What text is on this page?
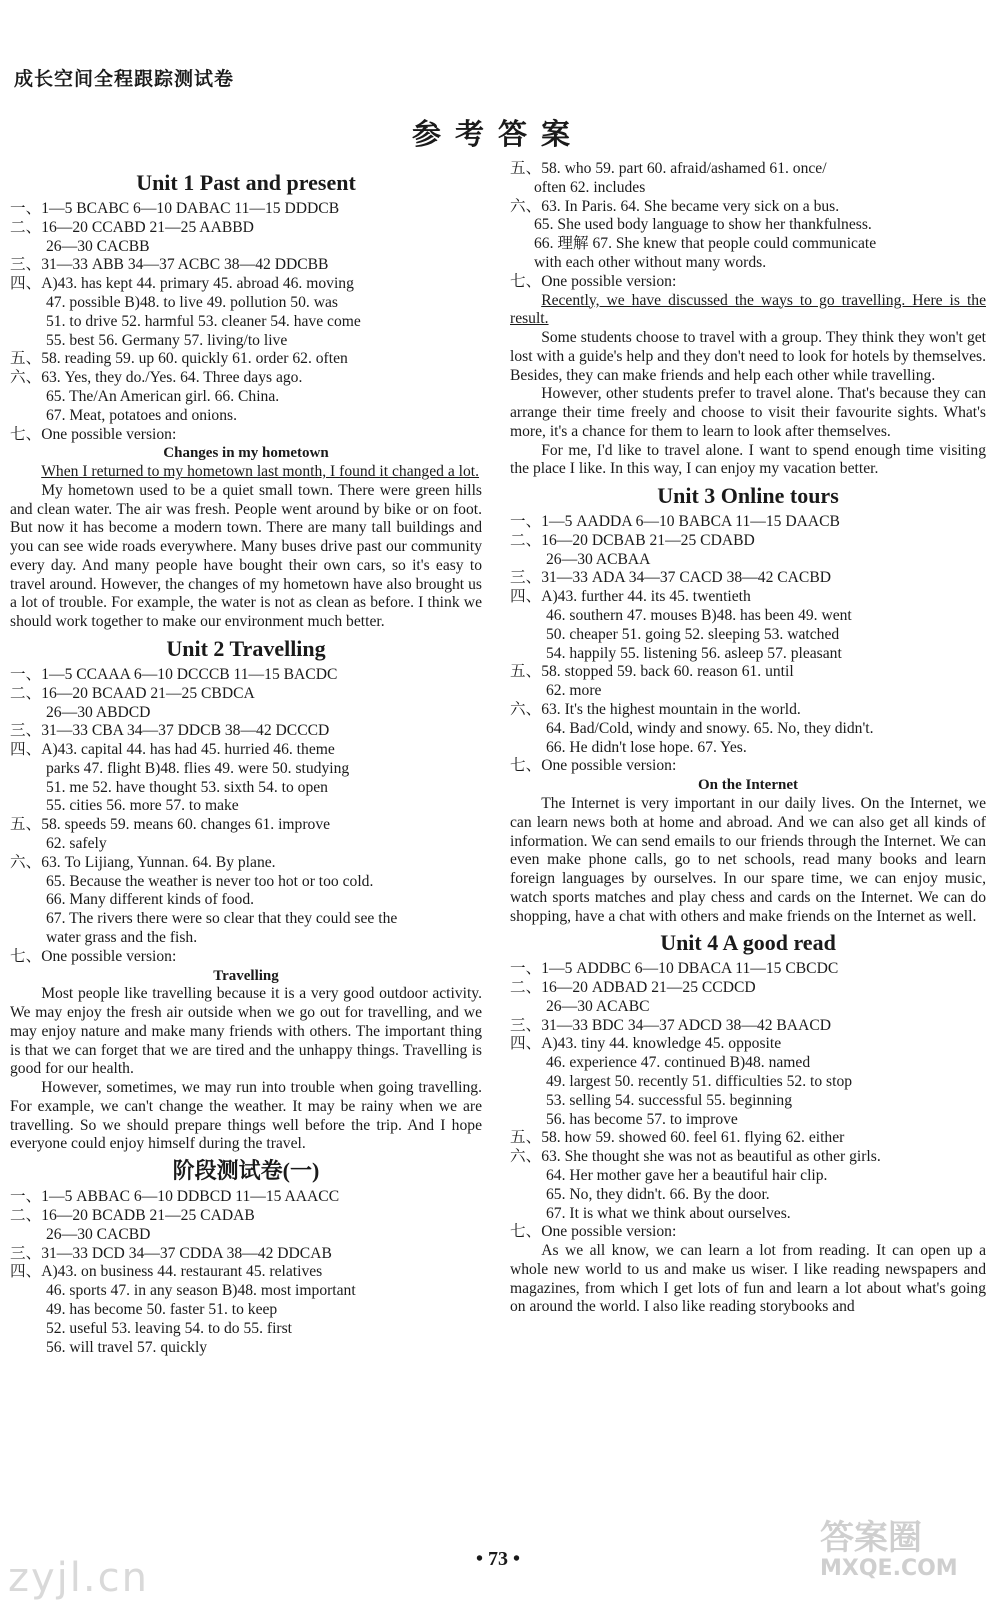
成长空间全程跟踪测试卷
参考答案
Unit 1 Past and present
一、1—5 BCABC 6—10 DABAC 11—15 DDDCB
二、16—20 CCABD 21—25 AABBD
26—30 CACBB
三、31—33 ABB 34—37 ACBC 38—42 DDCBB
四、A)43. has kept 44. primary 45. abroad 46. moving
47. possible B)48. to live 49. pollution 50. was
51. to drive 52. harmful 53. cleaner 54. have come
55. best 56. Germany 57. living/to live
五、58. reading 59. up 60. quickly 61. order 62. often
六、63. Yes, they do./Yes. 64. Three days ago.
65. The/An American girl. 66. China.
67. Meat, potatoes and onions.
七、One possible version:
Changes in my hometown

When I returned to my hometown last month, I found it changed a lot.

My hometown used to be a quiet small town. There were green hills and clean water. The air was fresh. People went around by bike or on foot. But now it has become a modern town. There are many tall buildings and you can see wide roads everywhere. Many buses drive past our community every day. And many people have bought their own cars, so it's easy to travel around. However, the changes of my hometown have also brought us a lot of trouble. For example, the water is not as clean as before. I think we should work together to make our environment much better.

Unit 2 Travelling
一、1—5 CCAAA 6—10 DCCCB 11—15 BACDC
二、16—20 BCAAD 21—25 CBDCA
26—30 ABDCD
三、31—33 CBA 34—37 DDCB 38—42 DCCCD
四、A)43. capital 44. has had 45. hurried 46. theme
parks 47. flight B)48. flies 49. were 50. studying
51. me 52. have thought 53. sixth 54. to open
55. cities 56. more 57. to make
五、58. speeds 59. means 60. changes 61. improve
62. safely
六、63. To Lijiang, Yunnan. 64. By plane.
65. Because the weather is never too hot or too cold.
66. Many different kinds of food.
67. The rivers there were so clear that they could see the
water grass and the fish.
七、One possible version:
Travelling

Most people like travelling because it is a very good outdoor activity. We may enjoy the fresh air outside when we go out for travelling, and we may enjoy nature and make many friends with others. The important thing is that we can forget that we are tired and the unhappy things. Travelling is good for our health.

However, sometimes, we may run into trouble when going travelling. For example, we can't change the weather. It may be rainy when we are travelling. So we should prepare things well before the trip. And I hope everyone could enjoy himself during the travel.

阶段测试卷(一)
一、1—5 ABBAC 6—10 DDBCD 11—15 AAACC
二、16—20 BCADB 21—25 CADAB
26—30 CACBD
三、31—33 DCD 34—37 CDDA 38—42 DDCAB
四、A)43. on business 44. restaurant 45. relatives
46. sports 47. in any season B)48. most important
49. has become 50. faster 51. to keep
52. useful 53. leaving 54. to do 55. first
56. will travel 57. quickly
五、58. who 59. part 60. afraid/ashamed 61. once/
often 62. includes
六、63. In Paris. 64. She became very sick on a bus.
65. She used body language to show her thankfulness.
66. 理解 67. She knew that people could communicate
with each other without many words.
七、One possible version:

Recently, we have discussed the ways to go travelling. Here is the result.

Some students choose to travel with a group. They think they won't get lost with a guide's help and they don't need to look for hotels by themselves. Besides, they can make friends and help each other while travelling.

However, other students prefer to travel alone. That's because they can arrange their time freely and choose to visit their favourite sights. What's more, it's a chance for them to learn to look after themselves.

For me, I'd like to travel alone. I want to spend enough time visiting the place I like. In this way, I can enjoy my vacation better.

Unit 3 Online tours
一、1—5 AADDA 6—10 BABCA 11—15 DAACB
二、16—20 DCBAB 21—25 CDABD
26—30 ACBAA
三、31—33 ADA 34—37 CACD 38—42 CACBD
四、A)43. further 44. its 45. twentieth
46. southern 47. mouses B)48. has been 49. went
50. cheaper 51. going 52. sleeping 53. watched
54. happily 55. listening 56. asleep 57. pleasant
五、58. stopped 59. back 60. reason 61. until
62. more
六、63. It's the highest mountain in the world.
64. Bad/Cold, windy and snowy. 65. No, they didn't.
66. He didn't lose hope. 67. Yes.
七、One possible version:
On the Internet

The Internet is very important in our daily lives. On the Internet, we can learn news both at home and abroad. And we can also get all kinds of information. We can send emails to our friends through the Internet. We can even make phone calls, go to net schools, read many books and learn foreign languages by ourselves. In our spare time, we can enjoy music, watch sports matches and play chess and cards on the Internet. We can do shopping, have a chat with others and make friends on the Internet as well.

Unit 4 A good read
一、1—5 ADDBC 6—10 DBACA 11—15 CBCDC
二、16—20 ADBAD 21—25 CCDCD
26—30 ACABC
三、31—33 BDC 34—37 ADCD 38—42 BAACD
四、A)43. tiny 44. knowledge 45. opposite
46. experience 47. continued B)48. named
49. largest 50. recently 51. difficulties 52. to stop
53. selling 54. successful 55. beginning
56. has become 57. to improve
五、58. how 59. showed 60. feel 61. flying 62. either
六、63. She thought she was not as beautiful as other girls.
64. Her mother gave her a beautiful hair clip.
65. No, they didn't. 66. By the door.
67. It is what we think about ourselves.
七、One possible version:

As we all know, we can learn a lot from reading. It can open up a whole new world to us and make us wiser. I like reading newspapers and magazines, from which I get lots of fun and learn a lot about what's going on around the world. I also like reading storybooks and

• 73 •
zyjl.cn
答案圈
MXQE.COM
